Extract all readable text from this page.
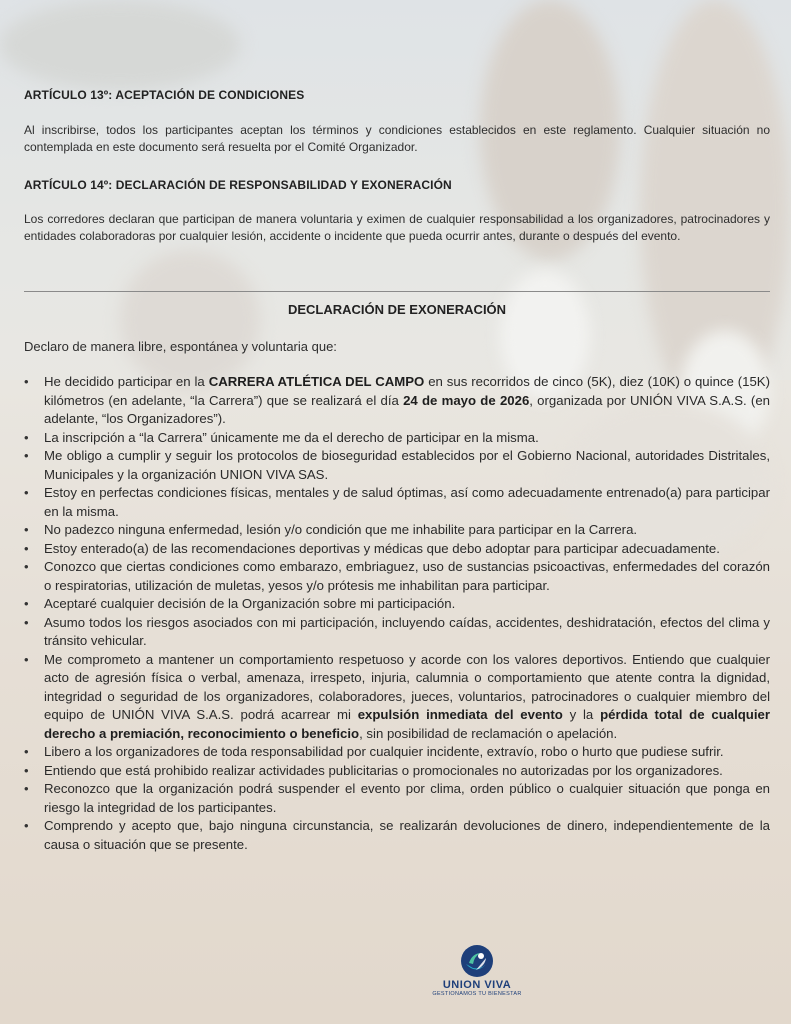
ARTÍCULO 13º: ACEPTACIÓN DE CONDICIONES
Al inscribirse, todos los participantes aceptan los términos y condiciones establecidos en este reglamento. Cualquier situación no contemplada en este documento será resuelta por el Comité Organizador.
ARTÍCULO 14º: DECLARACIÓN DE RESPONSABILIDAD Y EXONERACIÓN
Los corredores declaran que participan de manera voluntaria y eximen de cualquier responsabilidad a los organizadores, patrocinadores y entidades colaboradoras por cualquier lesión, accidente o incidente que pueda ocurrir antes, durante o después del evento.
DECLARACIÓN DE EXONERACIÓN
Declaro de manera libre, espontánea y voluntaria que:
• He decidido participar en la CARRERA ATLÉTICA DEL CAMPO en sus recorridos de cinco (5K), diez (10K) o quince (15K) kilómetros (en adelante, “la Carrera”) que se realizará el día 24 de mayo de 2026, organizada por UNIÓN VIVA S.A.S. (en adelante, “los Organizadores”).
• La inscripción a “la Carrera” únicamente me da el derecho de participar en la misma.
• Me obligo a cumplir y seguir los protocolos de bioseguridad establecidos por el Gobierno Nacional, autoridades Distritales, Municipales y la organización UNION VIVA SAS.
• Estoy en perfectas condiciones físicas, mentales y de salud óptimas, así como adecuadamente entrenado(a) para participar en la misma.
• No padezco ninguna enfermedad, lesión y/o condición que me inhabilite para participar en la Carrera.
• Estoy enterado(a) de las recomendaciones deportivas y médicas que debo adoptar para participar adecuadamente.
• Conozco que ciertas condiciones como embarazo, embriaguez, uso de sustancias psicoactivas, enfermedades del corazón o respiratorias, utilización de muletas, yesos y/o prótesis me inhabilitan para participar.
• Aceptaré cualquier decisión de la Organización sobre mi participación.
• Asumo todos los riesgos asociados con mi participación, incluyendo caídas, accidentes, deshidratación, efectos del clima y tránsito vehicular.
• Me comprometo a mantener un comportamiento respetuoso y acorde con los valores deportivos. Entiendo que cualquier acto de agresión física o verbal, amenaza, irrespeto, injuria, calumnia o comportamiento que atente contra la dignidad, integridad o seguridad de los organizadores, colaboradores, jueces, voluntarios, patrocinadores o cualquier miembro del equipo de UNIÓN VIVA S.A.S. podrá acarrear mi expulsión inmediata del evento y la pérdida total de cualquier derecho a premiación, reconocimiento o beneficio, sin posibilidad de reclamación o apelación.
• Libero a los organizadores de toda responsabilidad por cualquier incidente, extravío, robo o hurto que pudiese sufrir.
• Entiendo que está prohibido realizar actividades publicitarias o promocionales no autorizadas por los organizadores.
• Reconozco que la organización podrá suspender el evento por clima, orden público o cualquier situación que ponga en riesgo la integridad de los participantes.
• Comprendo y acepto que, bajo ninguna circunstancia, se realizarán devoluciones de dinero, independientemente de la causa o situación que se presente.
UNION VIVA
GESTIONAMOS TU BIENESTAR
